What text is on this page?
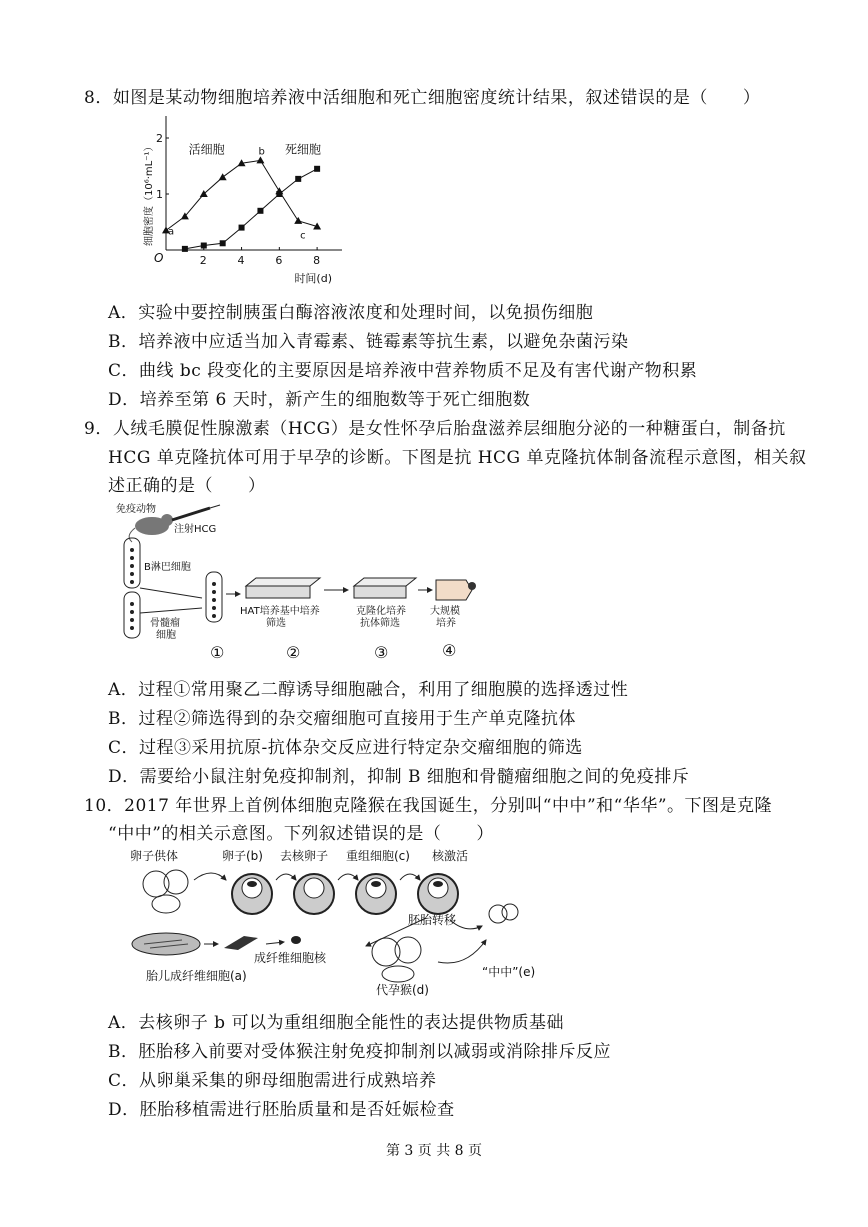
8．如图是某动物细胞培养液中活细胞和死亡细胞密度统计结果，叙述错误的是（　　）
O	2	4	6	8
1
2
时间(d)
细胞密度（10⁶·mL⁻¹）	活细胞	死细胞
a
b
c
A．实验中要控制胰蛋白酶溶液浓度和处理时间，以免损伤细胞
B．培养液中应适当加入青霉素、链霉素等抗生素，以避免杂菌污染
C．曲线 bc 段变化的主要原因是培养液中营养物质不足及有害代谢产物积累
D．培养至第 6 天时，新产生的细胞数等于死亡细胞数
9．人绒毛膜促性腺激素（HCG）是女性怀孕后胎盘滋养层细胞分泌的一种糖蛋白，制备抗
HCG 单克隆抗体可用于早孕的诊断。下图是抗 HCG 单克隆抗体制备流程示意图，相关叙
述正确的是（　　）
免疫动物
注射HCG
B淋巴细胞
骨髓瘤
细胞
HAT培养基中培养
筛选
克隆化培养
抗体筛选
大规模
培养
①	②	③	④
A．过程①常用聚乙二醇诱导细胞融合，利用了细胞膜的选择透过性
B．过程②筛选得到的杂交瘤细胞可直接用于生产单克隆抗体
C．过程③采用抗原-抗体杂交反应进行特定杂交瘤细胞的筛选
D．需要给小鼠注射免疫抑制剂，抑制 B 细胞和骨髓瘤细胞之间的免疫排斥
10．2017 年世界上首例体细胞克隆猴在我国诞生，分别叫“中中”和“华华”。下图是克隆
“中中”的相关示意图。下列叙述错误的是（　　）
卵子供体	卵子(b) 去核卵子 重组细胞(c) 核激活
胚胎转移
成纤维细胞核
胎儿成纤维细胞(a)
代孕猴(d)
“中中”(e)
A．去核卵子 b 可以为重组细胞全能性的表达提供物质基础
B．胚胎移入前要对受体猴注射免疫抑制剂以减弱或消除排斥反应
C．从卵巢采集的卵母细胞需进行成熟培养
D．胚胎移植需进行胚胎质量和是否妊娠检查
第 3 页 共 8 页
